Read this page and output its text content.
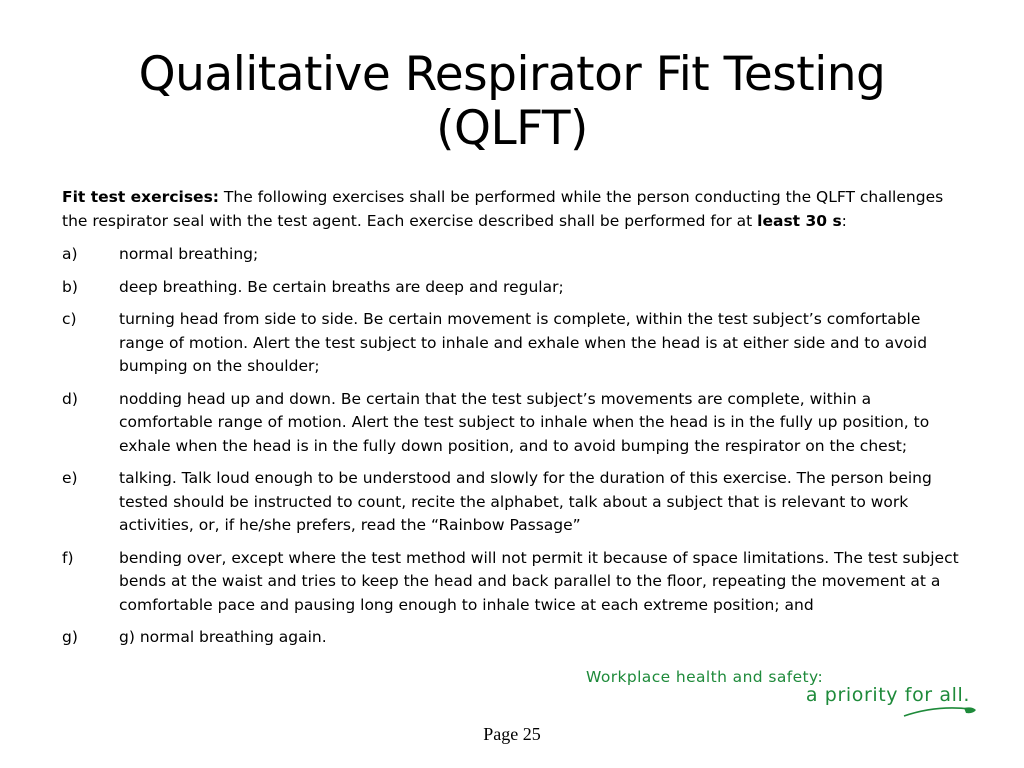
Qualitative Respirator Fit Testing
(QLFT)

Fit test exercises: The following exercises shall be performed while the person conducting the QLFT challenges the respirator seal with the test agent. Each exercise described shall be performed for at least 30 s:

a)	normal breathing;
b)	deep breathing. Be certain breaths are deep and regular;
c)	turning head from side to side. Be certain movement is complete, within the test subject’s comfortable range of motion. Alert the test subject to inhale and exhale when the head is at either side and to avoid bumping on the shoulder;
d)	nodding head up and down. Be certain that the test subject’s movements are complete, within a comfortable range of motion. Alert the test subject to inhale when the head is in the fully up position, to exhale when the head is in the fully down position, and to avoid bumping the respirator on the chest;
e)	talking. Talk loud enough to be understood and slowly for the duration of this exercise. The person being tested should be instructed to count, recite the alphabet, talk about a subject that is relevant to work activities, or, if he/she prefers, read the “Rainbow Passage”
f)	bending over, except where the test method will not permit it because of space limitations. The test subject bends at the waist and tries to keep the head and back parallel to the floor, repeating the movement at a comfortable pace and pausing long enough to inhale twice at each extreme position; and
g)	g) normal breathing again.
Workplace health and safety:
a priority for all.
Page 25
